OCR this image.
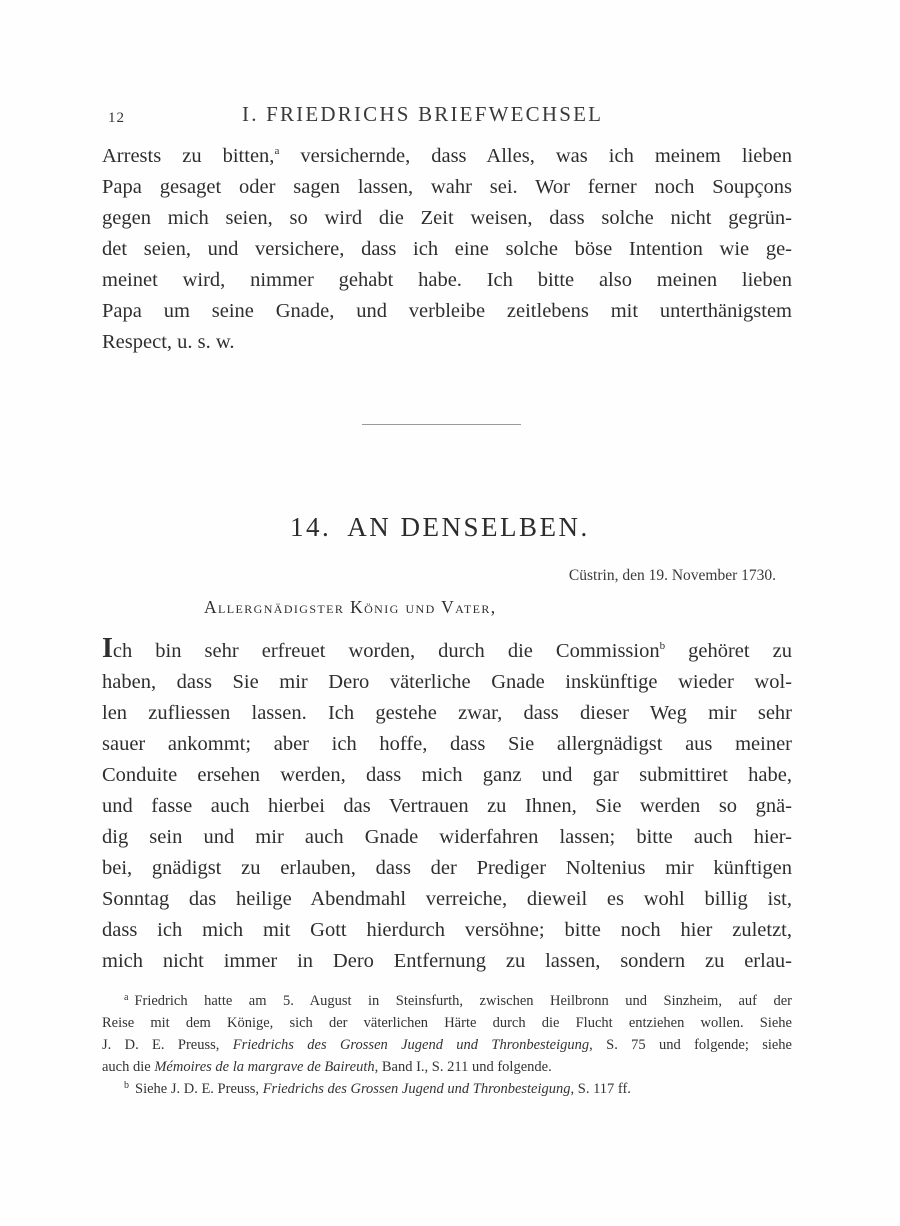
12	I. FRIEDRICHS BRIEFWECHSEL
Arrests zu bitten,$^a$ versichernde, dass Alles, was ich meinem lieben
Papa gesaget oder sagen lassen, wahr sei. Wor ferner noch Soupçons
gegen mich seien, so wird die Zeit weisen, dass solche nicht gegrün-
det seien, und versichere, dass ich eine solche böse Intention wie ge-
meinet wird, nimmer gehabt habe. Ich bitte also meinen lieben
Papa um seine Gnade, und verbleibe zeitlebens mit unterthänigstem
Respect, u. s. w.
14. AN DENSELBEN.
Cüstrin, den 19. November 1730.
Allergnädigster König und Vater,
Ich bin sehr erfreuet worden, durch die Commission$^b$ gehöret zu
haben, dass Sie mir Dero väterliche Gnade inskünftige wieder wol-
len zufliessen lassen. Ich gestehe zwar, dass dieser Weg mir sehr
sauer ankommt; aber ich hoffe, dass Sie allergnädigst aus meiner
Conduite ersehen werden, dass mich ganz und gar submittiret habe,
und fasse auch hierbei das Vertrauen zu Ihnen, Sie werden so gnä-
dig sein und mir auch Gnade widerfahren lassen; bitte auch hier-
bei, gnädigst zu erlauben, dass der Prediger Noltenius mir künftigen
Sonntag das heilige Abendmahl verreiche, dieweil es wohl billig ist,
dass ich mich mit Gott hierdurch versöhne; bitte noch hier zuletzt,
mich nicht immer in Dero Entfernung zu lassen, sondern zu erlau-
$^a$ Friedrich hatte am 5. August in Steinsfurth, zwischen Heilbronn und Sinzheim, auf der
Reise mit dem Könige, sich der väterlichen Härte durch die Flucht entziehen wollen. Siehe
J. D. E. Preuss, Friedrichs des Grossen Jugend und Thronbesteigung, S. 75 und folgende; siehe
auch die Mémoires de la margrave de Baireuth, Band I., S. 211 und folgende.
$^b$ Siehe J. D. E. Preuss, Friedrichs des Grossen Jugend und Thronbesteigung, S. 117 ff.
